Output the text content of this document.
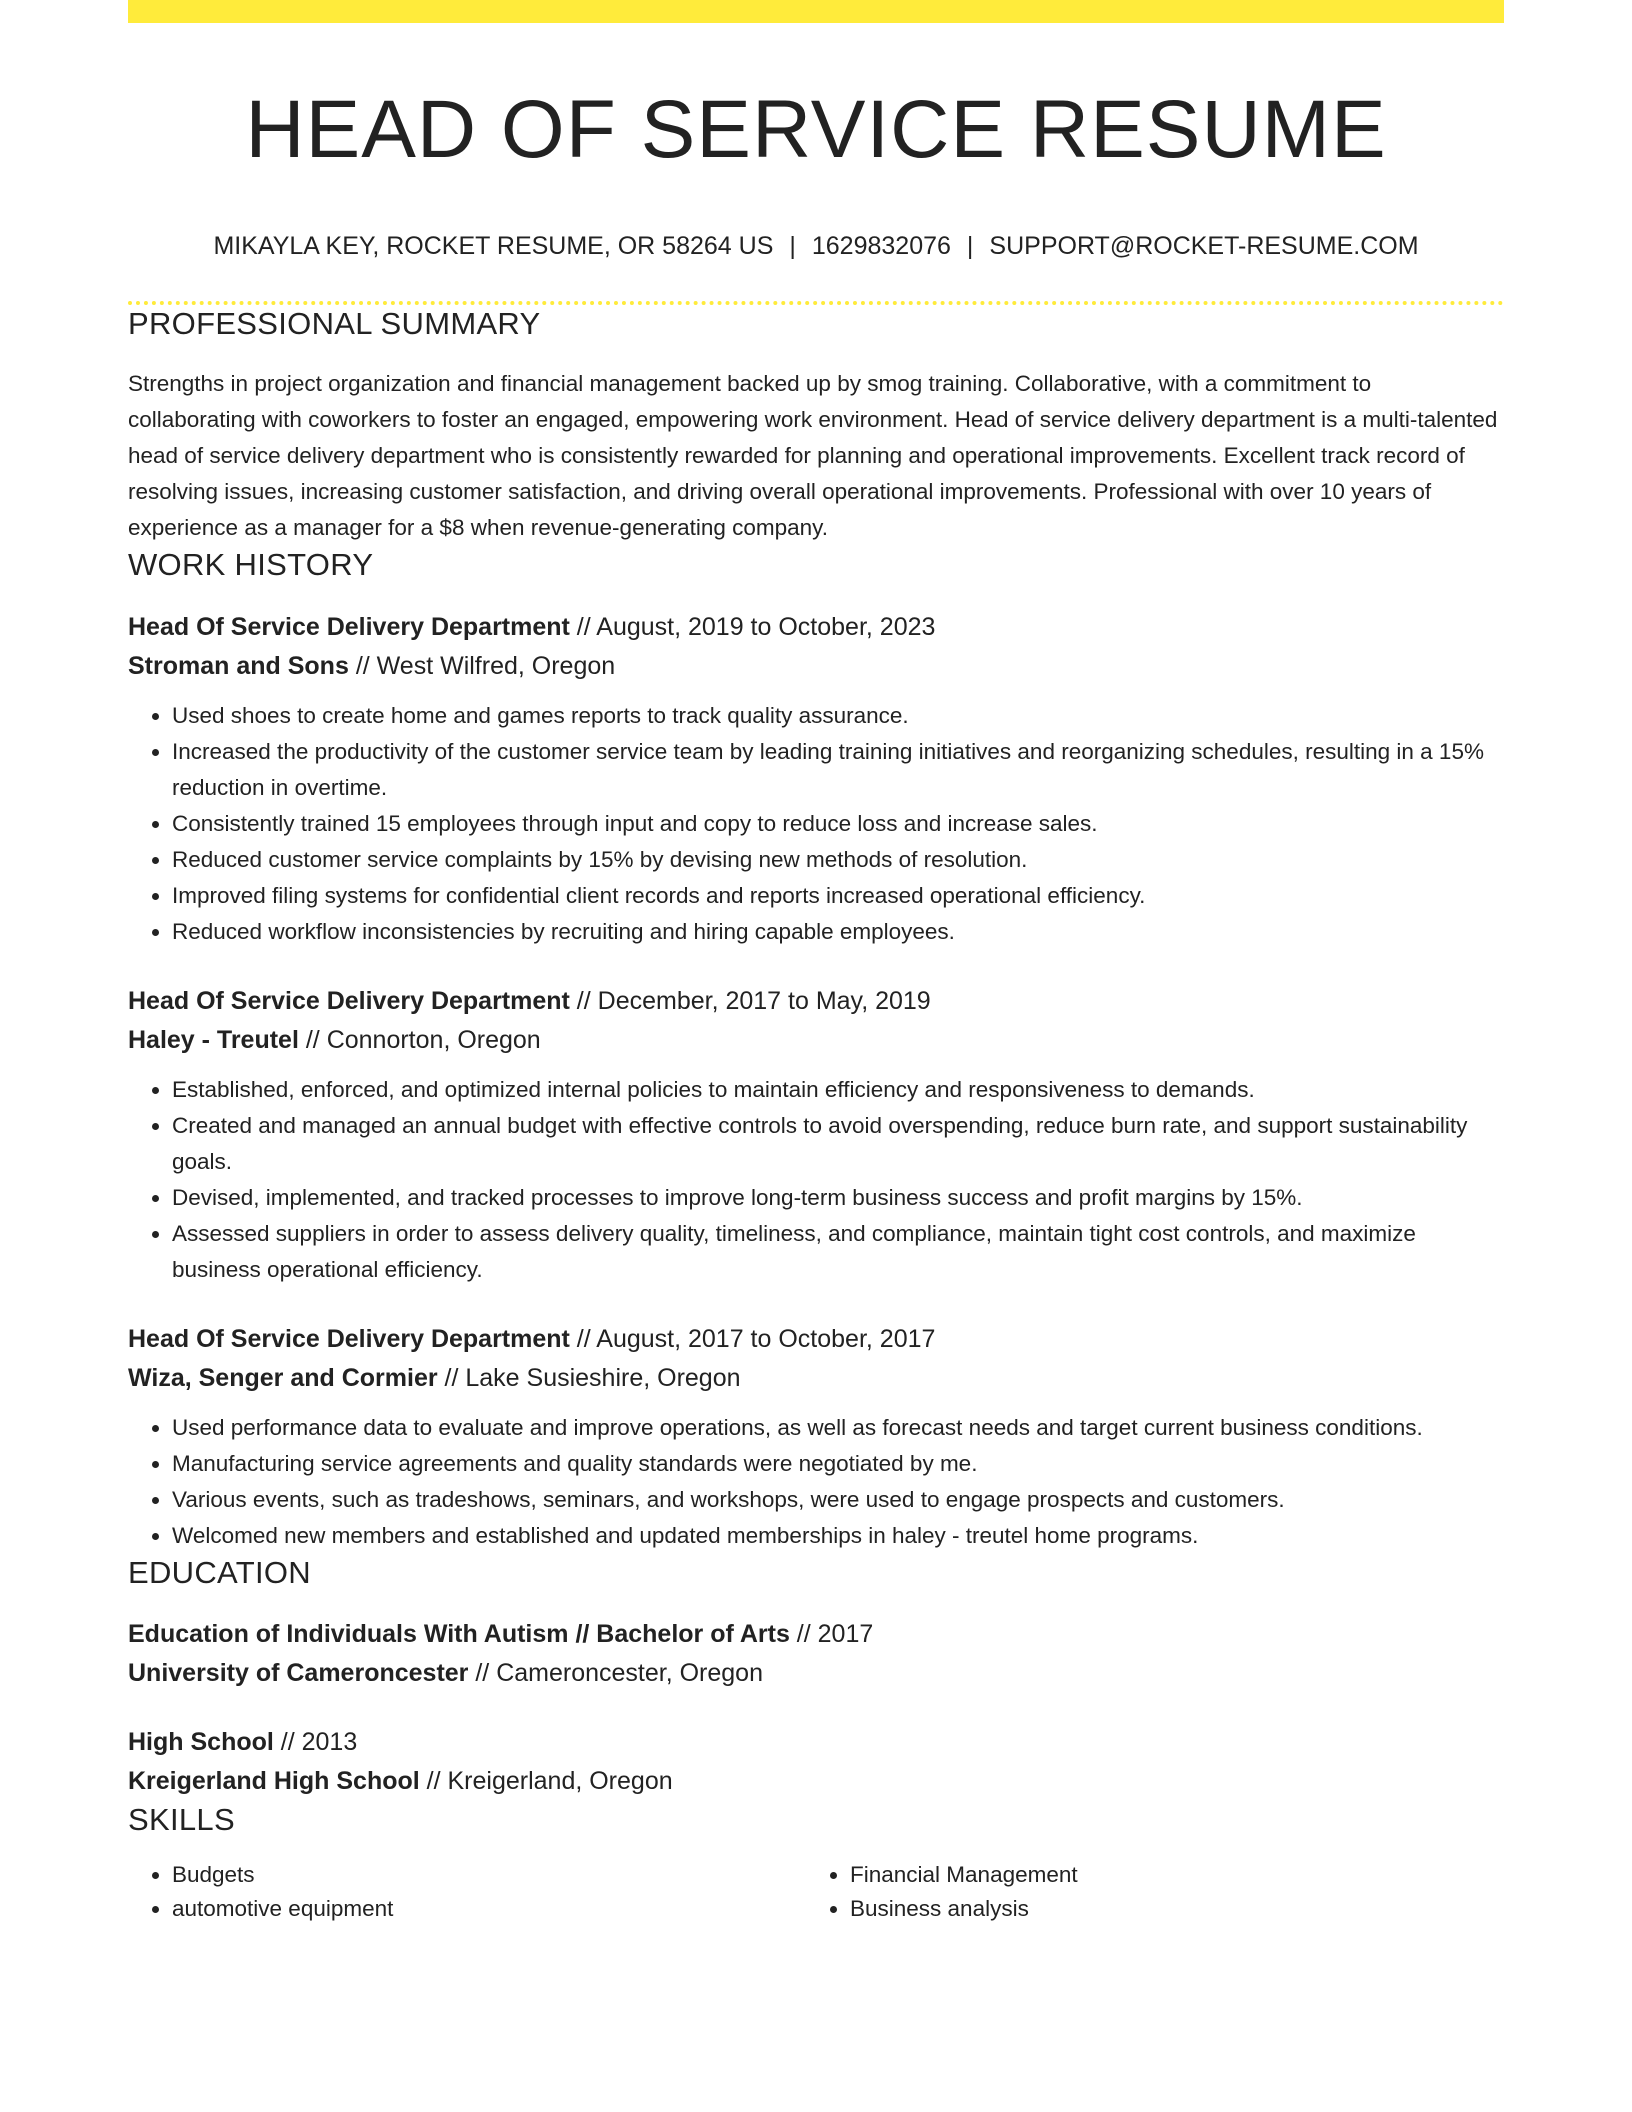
HEAD OF SERVICE RESUME
MIKAYLA KEY, ROCKET RESUME, OR 58264 US | 1629832076 | SUPPORT@ROCKET-RESUME.COM
PROFESSIONAL SUMMARY
Strengths in project organization and financial management backed up by smog training. Collaborative, with a commitment to collaborating with coworkers to foster an engaged, empowering work environment. Head of service delivery department is a multi-talented head of service delivery department who is consistently rewarded for planning and operational improvements. Excellent track record of resolving issues, increasing customer satisfaction, and driving overall operational improvements. Professional with over 10 years of experience as a manager for a $8 when revenue-generating company.
WORK HISTORY
Head Of Service Delivery Department // August, 2019 to October, 2023
Stroman and Sons // West Wilfred, Oregon
• Used shoes to create home and games reports to track quality assurance.
• Increased the productivity of the customer service team by leading training initiatives and reorganizing schedules, resulting in a 15% reduction in overtime.
• Consistently trained 15 employees through input and copy to reduce loss and increase sales.
• Reduced customer service complaints by 15% by devising new methods of resolution.
• Improved filing systems for confidential client records and reports increased operational efficiency.
• Reduced workflow inconsistencies by recruiting and hiring capable employees.
Head Of Service Delivery Department // December, 2017 to May, 2019
Haley - Treutel // Connorton, Oregon
• Established, enforced, and optimized internal policies to maintain efficiency and responsiveness to demands.
• Created and managed an annual budget with effective controls to avoid overspending, reduce burn rate, and support sustainability goals.
• Devised, implemented, and tracked processes to improve long-term business success and profit margins by 15%.
• Assessed suppliers in order to assess delivery quality, timeliness, and compliance, maintain tight cost controls, and maximize business operational efficiency.
Head Of Service Delivery Department // August, 2017 to October, 2017
Wiza, Senger and Cormier // Lake Susieshire, Oregon
• Used performance data to evaluate and improve operations, as well as forecast needs and target current business conditions.
• Manufacturing service agreements and quality standards were negotiated by me.
• Various events, such as tradeshows, seminars, and workshops, were used to engage prospects and customers.
• Welcomed new members and established and updated memberships in haley - treutel home programs.
EDUCATION
Education of Individuals With Autism // Bachelor of Arts // 2017
University of Cameroncester // Cameroncester, Oregon
High School // 2013
Kreigerland High School // Kreigerland, Oregon
SKILLS
• Budgets
• automotive equipment
• Financial Management
• Business analysis
